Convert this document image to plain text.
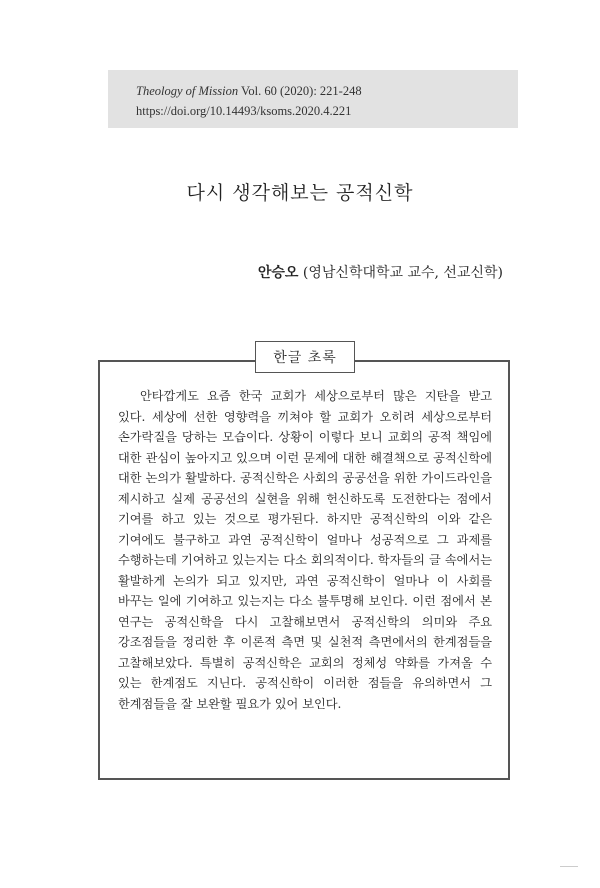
Theology of Mission Vol. 60 (2020): 221-248
https://doi.org/10.14493/ksoms.2020.4.221
다시 생각해보는 공적신학
안승오 (영남신학대학교 교수, 선교신학)
한글 초록
안타깝게도 요즘 한국 교회가 세상으로부터 많은 지탄을 받고 있다. 세상에 선한 영향력을 끼쳐야 할 교회가 오히려 세상으로부터 손가락질을 당하는 모습이다. 상황이 이렇다 보니 교회의 공적 책임에 대한 관심이 높아지고 있으며 이런 문제에 대한 해결책으로 공적신학에 대한 논의가 활발하다. 공적신학은 사회의 공공선을 위한 가이드라인을 제시하고 실제 공공선의 실현을 위해 헌신하도록 도전한다는 점에서 기여를 하고 있는 것으로 평가된다. 하지만 공적신학의 이와 같은 기여에도 불구하고 과연 공적신학이 얼마나 성공적으로 그 과제를 수행하는데 기여하고 있는지는 다소 회의적이다. 학자들의 글 속에서는 활발하게 논의가 되고 있지만, 과연 공적신학이 얼마나 이 사회를 바꾸는 일에 기여하고 있는지는 다소 불투명해 보인다. 이런 점에서 본 연구는 공적신학을 다시 고찰해보면서 공적신학의 의미와 주요 강조점들을 정리한 후 이론적 측면 및 실천적 측면에서의 한계점들을 고찰해보았다. 특별히 공적신학은 교회의 정체성 약화를 가져올 수 있는 한계점도 지닌다. 공적신학이 이러한 점들을 유의하면서 그 한계점들을 잘 보완할 필요가 있어 보인다.
